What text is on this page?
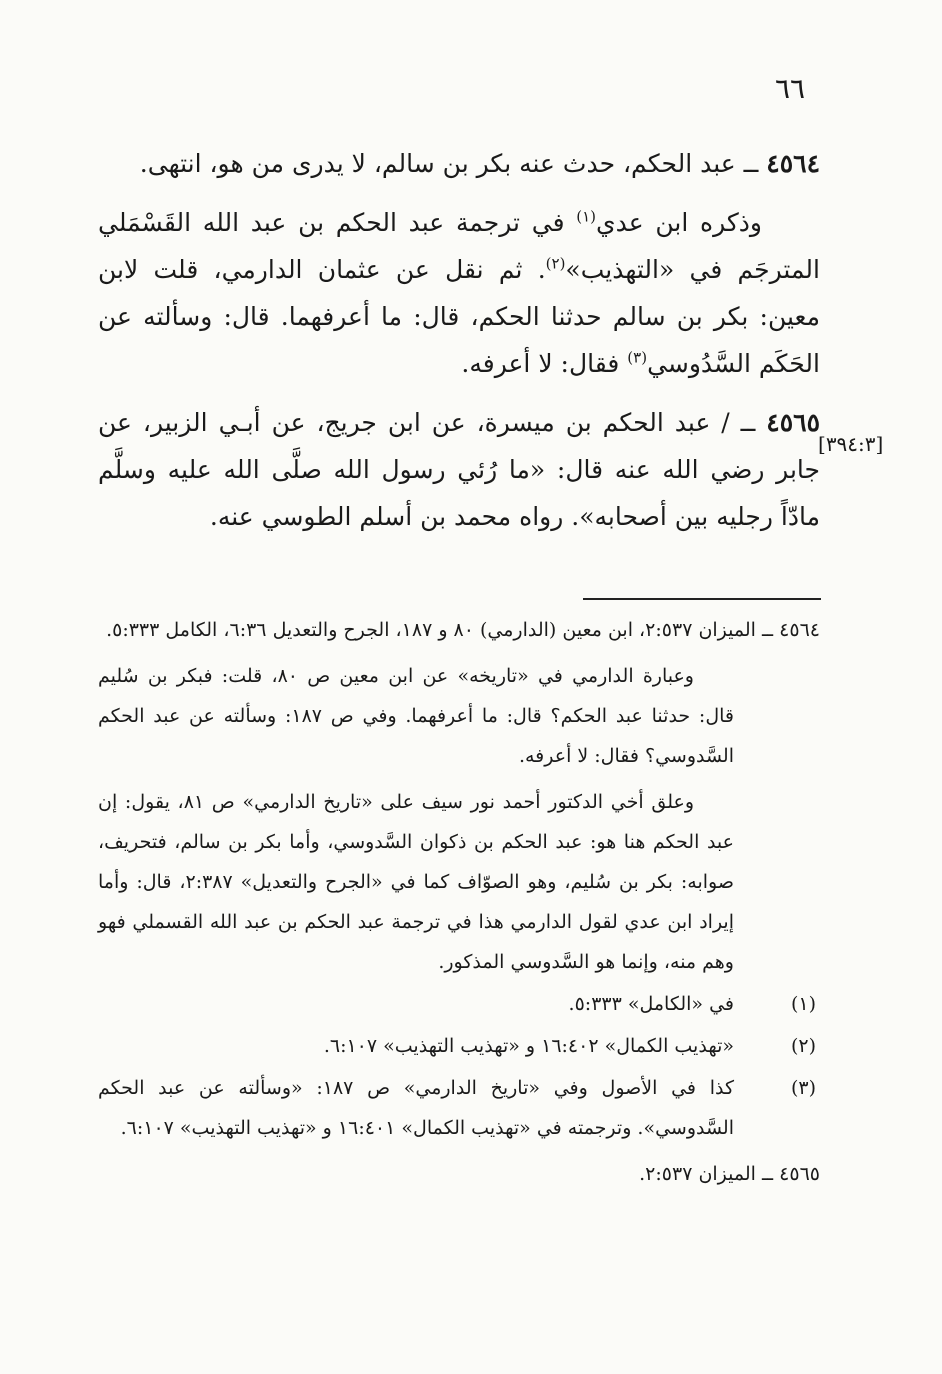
٦٦

٤٥٦٤ ــ عبد الحكم، حدث عنه بكر بن سالم، لا يدرى من هو، انتهى.

وذكره ابن عدي$^{(١)}$ في ترجمة عبد الحكم بن عبد الله القَسْمَلي المترجَم في «التهذيب»$^{(٢)}$. ثم نقل عن عثمان الدارمي، قلت لابن معين: بكر بن سالم حدثنا الحكم، قال: ما أعرفهما. قال: وسألته عن الحَكَم السَّدُوسي$^{(٣)}$ فقال: لا أعرفه.

٤٥٦٥ ــ / عبد الحكم بن ميسرة، عن ابن جريج، عن أبـي الزبير، عن جابر رضي الله عنه قال: «ما رُئي رسول الله صلَّى الله عليه وسلَّم مادّاً رجليه بين أصحابه». رواه محمد بن أسلم الطوسي عنه.

[٣٩٤:٣]

٤٥٦٤ ــ الميزان ٢:٥٣٧، ابن معين (الدارمي) ٨٠ و ١٨٧، الجرح والتعديل ٦:٣٦، الكامل ٥:٣٣٣.

وعبارة الدارمي في «تاريخه» عن ابن معين ص ٨٠، قلت: فبكر بن سُليم قال: حدثنا عبد الحكم؟ قال: ما أعرفهما. وفي ص ١٨٧: وسألته عن عبد الحكم السَّدوسي؟ فقال: لا أعرفه.

وعلق أخي الدكتور أحمد نور سيف على «تاريخ الدارمي» ص ٨١، يقول: إن عبد الحكم هنا هو: عبد الحكم بن ذكوان السَّدوسي، وأما بكر بن سالم، فتحريف، صوابه: بكر بن سُليم، وهو الصوّاف كما في «الجرح والتعديل» ٢:٣٨٧، قال: وأما إيراد ابن عدي لقول الدارمي هذا في ترجمة عبد الحكم بن عبد الله القسملي فهو وهم منه، وإنما هو السَّدوسي المذكور.

(١)
في «الكامل» ٥:٣٣٣.
(٢)
«تهذيب الكمال» ١٦:٤٠٢ و «تهذيب التهذيب» ٦:١٠٧.
(٣)
كذا في الأصول وفي «تاريخ الدارمي» ص ١٨٧: «وسألته عن عبد الحكم السَّدوسي». وترجمته في «تهذيب الكمال» ١٦:٤٠١ و «تهذيب التهذيب» ٦:١٠٧.

٤٥٦٥ ــ الميزان ٢:٥٣٧.
